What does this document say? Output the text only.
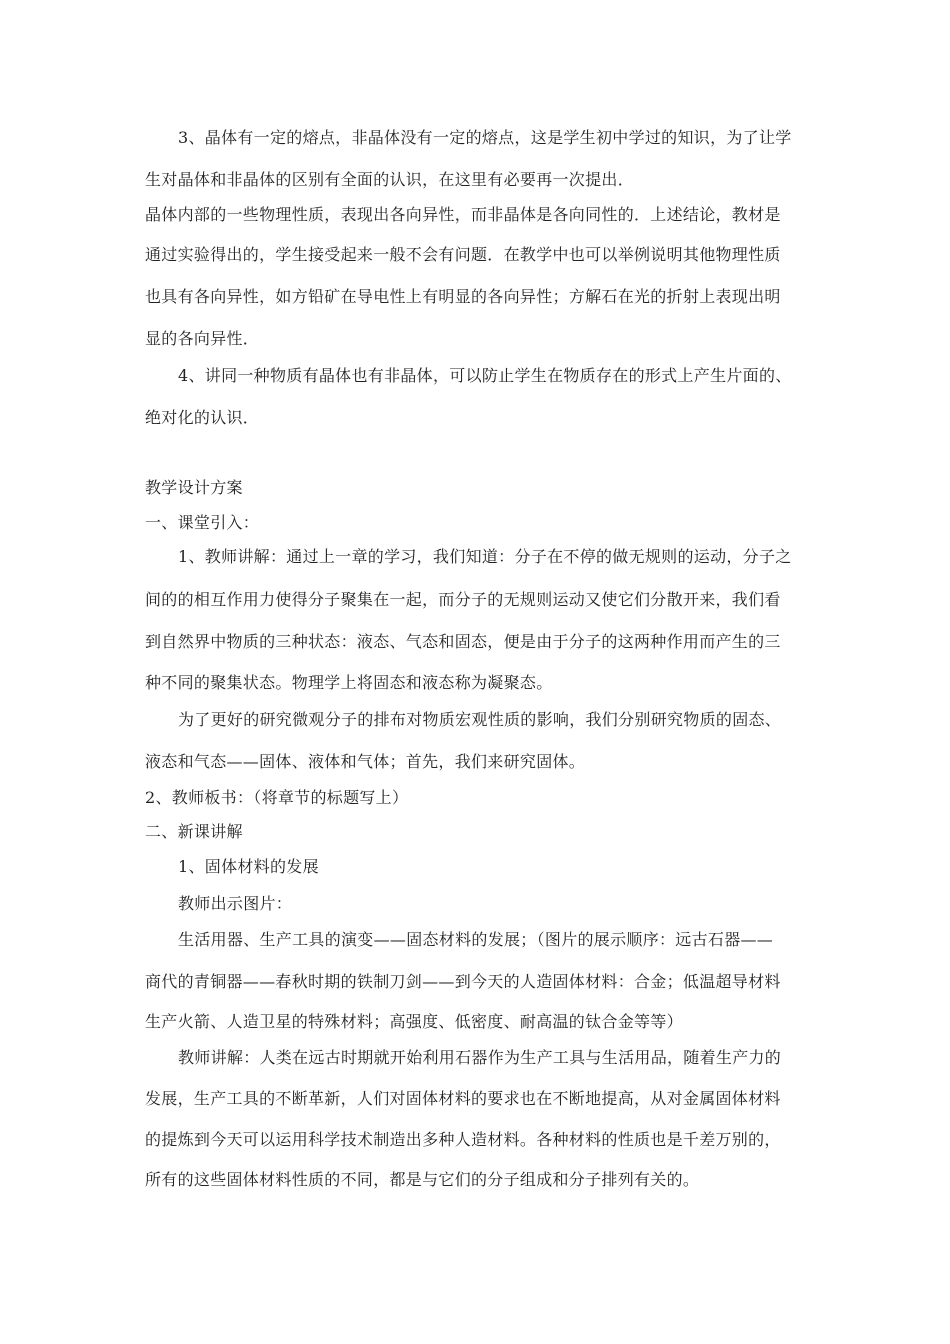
3、晶体有一定的熔点，非晶体没有一定的熔点，这是学生初中学过的知识，为了让学
生对晶体和非晶体的区别有全面的认识，在这里有必要再一次提出．
晶体内部的一些物理性质，表现出各向异性，而非晶体是各向同性的．上述结论，教材是
通过实验得出的，学生接受起来一般不会有问题．在教学中也可以举例说明其他物理性质
也具有各向异性，如方铅矿在导电性上有明显的各向异性；方解石在光的折射上表现出明
显的各向异性．
4、讲同一种物质有晶体也有非晶体，可以防止学生在物质存在的形式上产生片面的、
绝对化的认识．
教学设计方案
一、课堂引入：
1、教师讲解：通过上一章的学习，我们知道：分子在不停的做无规则的运动，分子之
间的的相互作用力使得分子聚集在一起，而分子的无规则运动又使它们分散开来，我们看
到自然界中物质的三种状态：液态、气态和固态，便是由于分子的这两种作用而产生的三
种不同的聚集状态。物理学上将固态和液态称为凝聚态。
为了更好的研究微观分子的排布对物质宏观性质的影响，我们分别研究物质的固态、
液态和气态——固体、液体和气体；首先，我们来研究固体。
2、教师板书：（将章节的标题写上）
二、新课讲解
1、固体材料的发展
教师出示图片：
生活用器、生产工具的演变——固态材料的发展；（图片的展示顺序：远古石器——
商代的青铜器——春秋时期的铁制刀剑——到今天的人造固体材料：合金；低温超导材料
生产火箭、人造卫星的特殊材料；高强度、低密度、耐高温的钛合金等等）
教师讲解：人类在远古时期就开始利用石器作为生产工具与生活用品，随着生产力的
发展，生产工具的不断革新，人们对固体材料的要求也在不断地提高，从对金属固体材料
的提炼到今天可以运用科学技术制造出多种人造材料。各种材料的性质也是千差万别的，
所有的这些固体材料性质的不同，都是与它们的分子组成和分子排列有关的。
